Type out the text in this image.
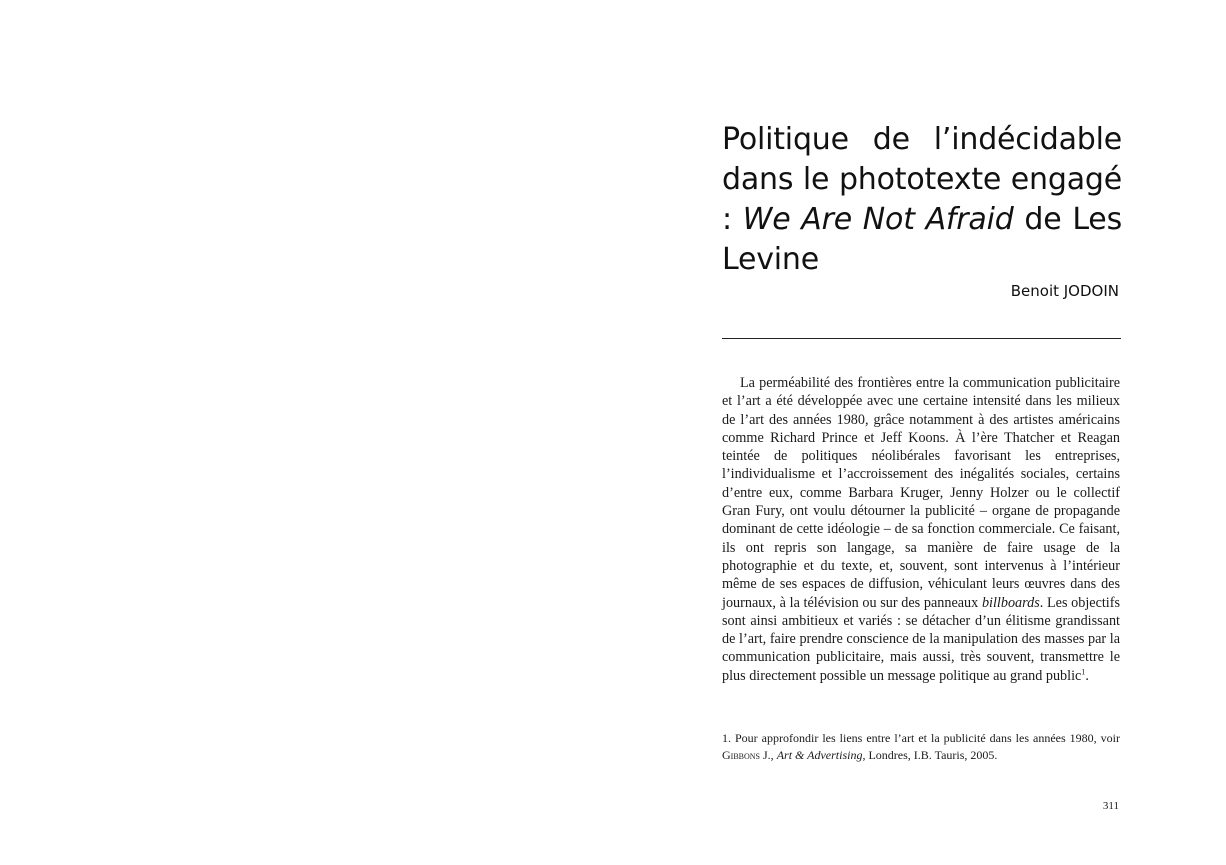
Politique de l’indécidable dans le phototexte engagé : We Are Not Afraid de Les Levine
Benoit JODOIN

La perméabilité des frontières entre la communication publicitaire et l’art a été développée avec une certaine intensité dans les milieux de l’art des années 1980, grâce notamment à des artistes américains comme Richard Prince et Jeff Koons. À l’ère Thatcher et Reagan teintée de politiques néolibérales favorisant les entreprises, l’individualisme et l’accroissement des inégalités sociales, certains d’entre eux, comme Barbara Kruger, Jenny Holzer ou le collectif Gran Fury, ont voulu détourner la publicité – organe de propagande dominant de cette idéologie – de sa fonction commerciale. Ce faisant, ils ont repris son langage, sa manière de faire usage de la photographie et du texte, et, souvent, sont intervenus à l’intérieur même de ses espaces de diffusion, véhiculant leurs œuvres dans des journaux, à la télévision ou sur des panneaux billboards. Les objectifs sont ainsi ambitieux et variés : se détacher d’un élitisme grandissant de l’art, faire prendre conscience de la manipulation des masses par la communication publicitaire, mais aussi, très souvent, transmettre le plus directement possible un message politique au grand public$^1$.

1. Pour approfondir les liens entre l’art et la publicité dans les années 1980, voir Gibbons J., Art & Advertising, Londres, I.B. Tauris, 2005.

311
